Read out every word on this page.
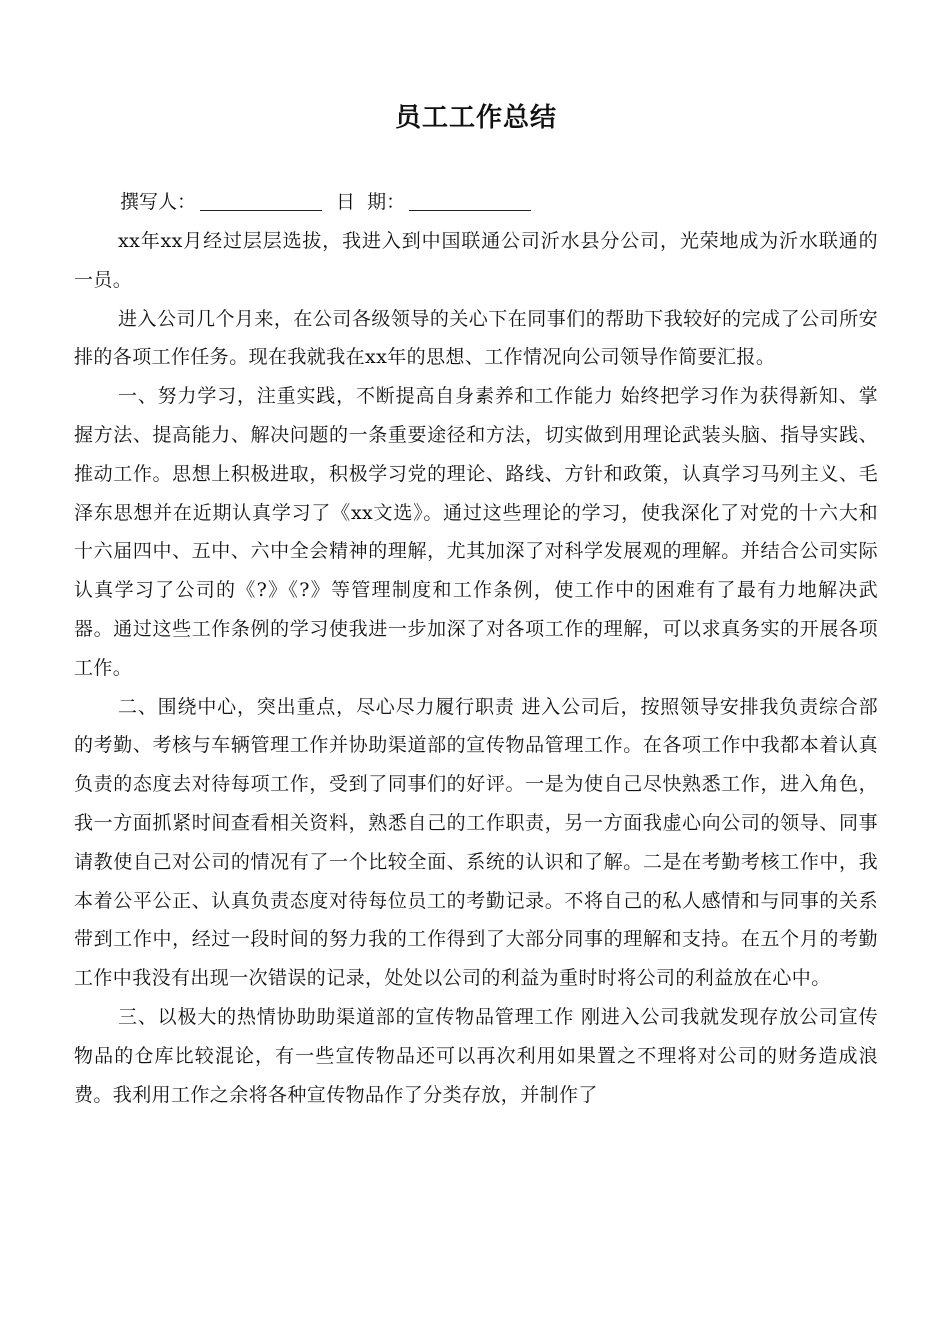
员工工作总结
撰写人：	日  期：

xx年xx月经过层层选拔，我进入到中国联通公司沂水县分公司，光荣地成为沂水联通的一员。

进入公司几个月来，在公司各级领导的关心下在同事们的帮助下我较好的完成了公司所安排的各项工作任务。现在我就我在xx年的思想、工作情况向公司领导作简要汇报。

一、努力学习，注重实践，不断提高自身素养和工作能力 始终把学习作为获得新知、掌握方法、提高能力、解决问题的一条重要途径和方法，切实做到用理论武装头脑、指导实践、推动工作。思想上积极进取，积极学习党的理论、路线、方针和政策，认真学习马列主义、毛泽东思想并在近期认真学习了《xx文选》。通过这些理论的学习，使我深化了对党的十六大和十六届四中、五中、六中全会精神的理解，尤其加深了对科学发展观的理解。并结合公司实际认真学习了公司的《?》《?》等管理制度和工作条例，使工作中的困难有了最有力地解决武器。通过这些工作条例的学习使我进一步加深了对各项工作的理解，可以求真务实的开展各项工作。

二、围绕中心，突出重点，尽心尽力履行职责 进入公司后，按照领导安排我负责综合部的考勤、考核与车辆管理工作并协助渠道部的宣传物品管理工作。在各项工作中我都本着认真负责的态度去对待每项工作，受到了同事们的好评。一是为使自己尽快熟悉工作，进入角色，我一方面抓紧时间查看相关资料，熟悉自己的工作职责，另一方面我虚心向公司的领导、同事请教使自己对公司的情况有了一个比较全面、系统的认识和了解。二是在考勤考核工作中，我本着公平公正、认真负责态度对待每位员工的考勤记录。不将自己的私人感情和与同事的关系带到工作中，经过一段时间的努力我的工作得到了大部分同事的理解和支持。在五个月的考勤工作中我没有出现一次错误的记录，处处以公司的利益为重时时将公司的利益放在心中。

三、以极大的热情协助助渠道部的宣传物品管理工作 刚进入公司我就发现存放公司宣传物品的仓库比较混论，有一些宣传物品还可以再次利用如果置之不理将对公司的财务造成浪费。我利用工作之余将各种宣传物品作了分类存放，并制作了
